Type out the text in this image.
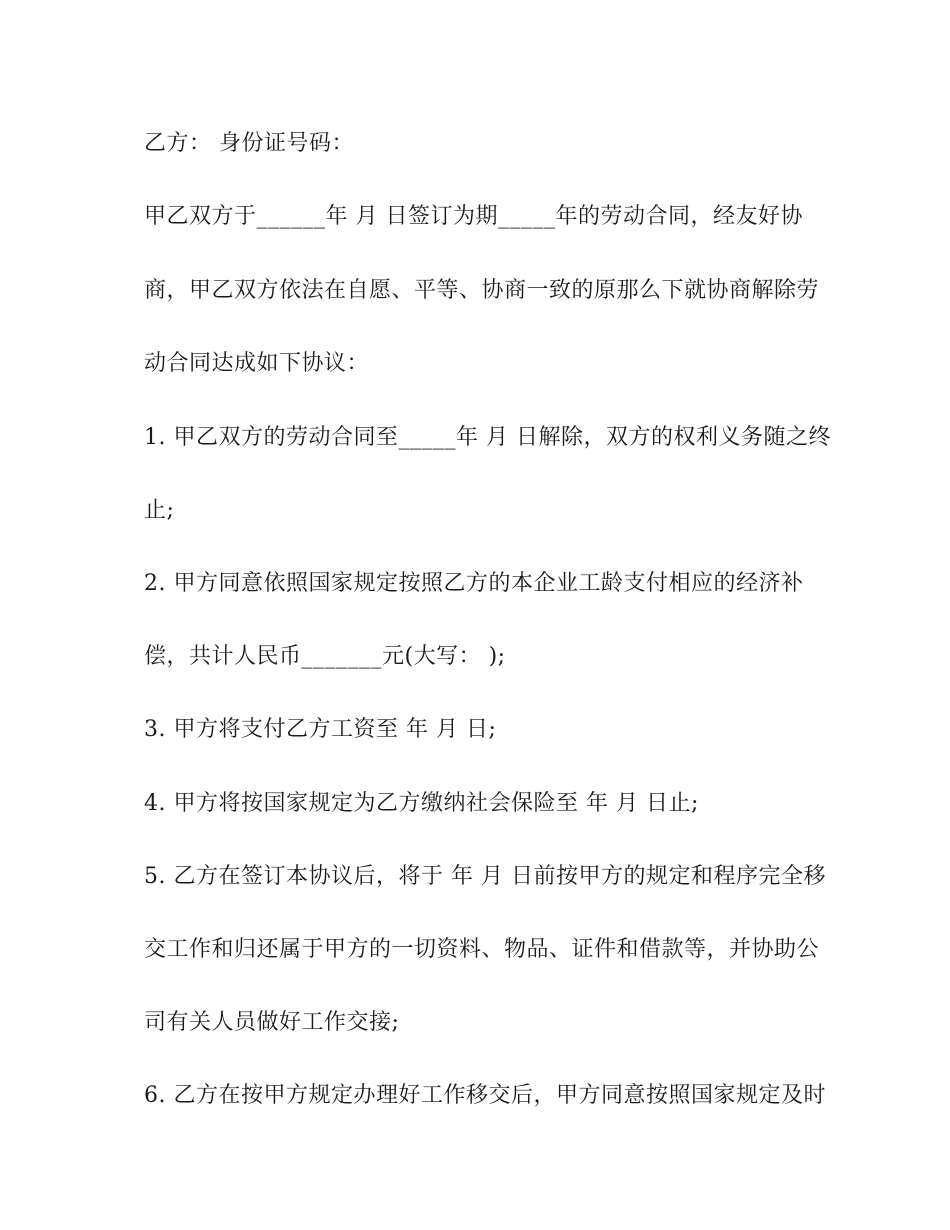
乙方： 身份证号码：

甲乙双方于______年 月 日签订为期_____年的劳动合同，经友好协

商，甲乙双方依法在自愿、平等、协商一致的原那么下就协商解除劳

动合同达成如下协议：

1. 甲乙双方的劳动合同至_____年 月 日解除，双方的权利义务随之终

止;

2. 甲方同意依照国家规定按照乙方的本企业工龄支付相应的经济补

偿，共计人民币_______元(大写： );

3. 甲方将支付乙方工资至 年 月 日;

4. 甲方将按国家规定为乙方缴纳社会保险至 年 月 日止;

5. 乙方在签订本协议后，将于 年 月 日前按甲方的规定和程序完全移

交工作和归还属于甲方的一切资料、物品、证件和借款等，并协助公

司有关人员做好工作交接;

6. 乙方在按甲方规定办理好工作移交后，甲方同意按照国家规定及时
